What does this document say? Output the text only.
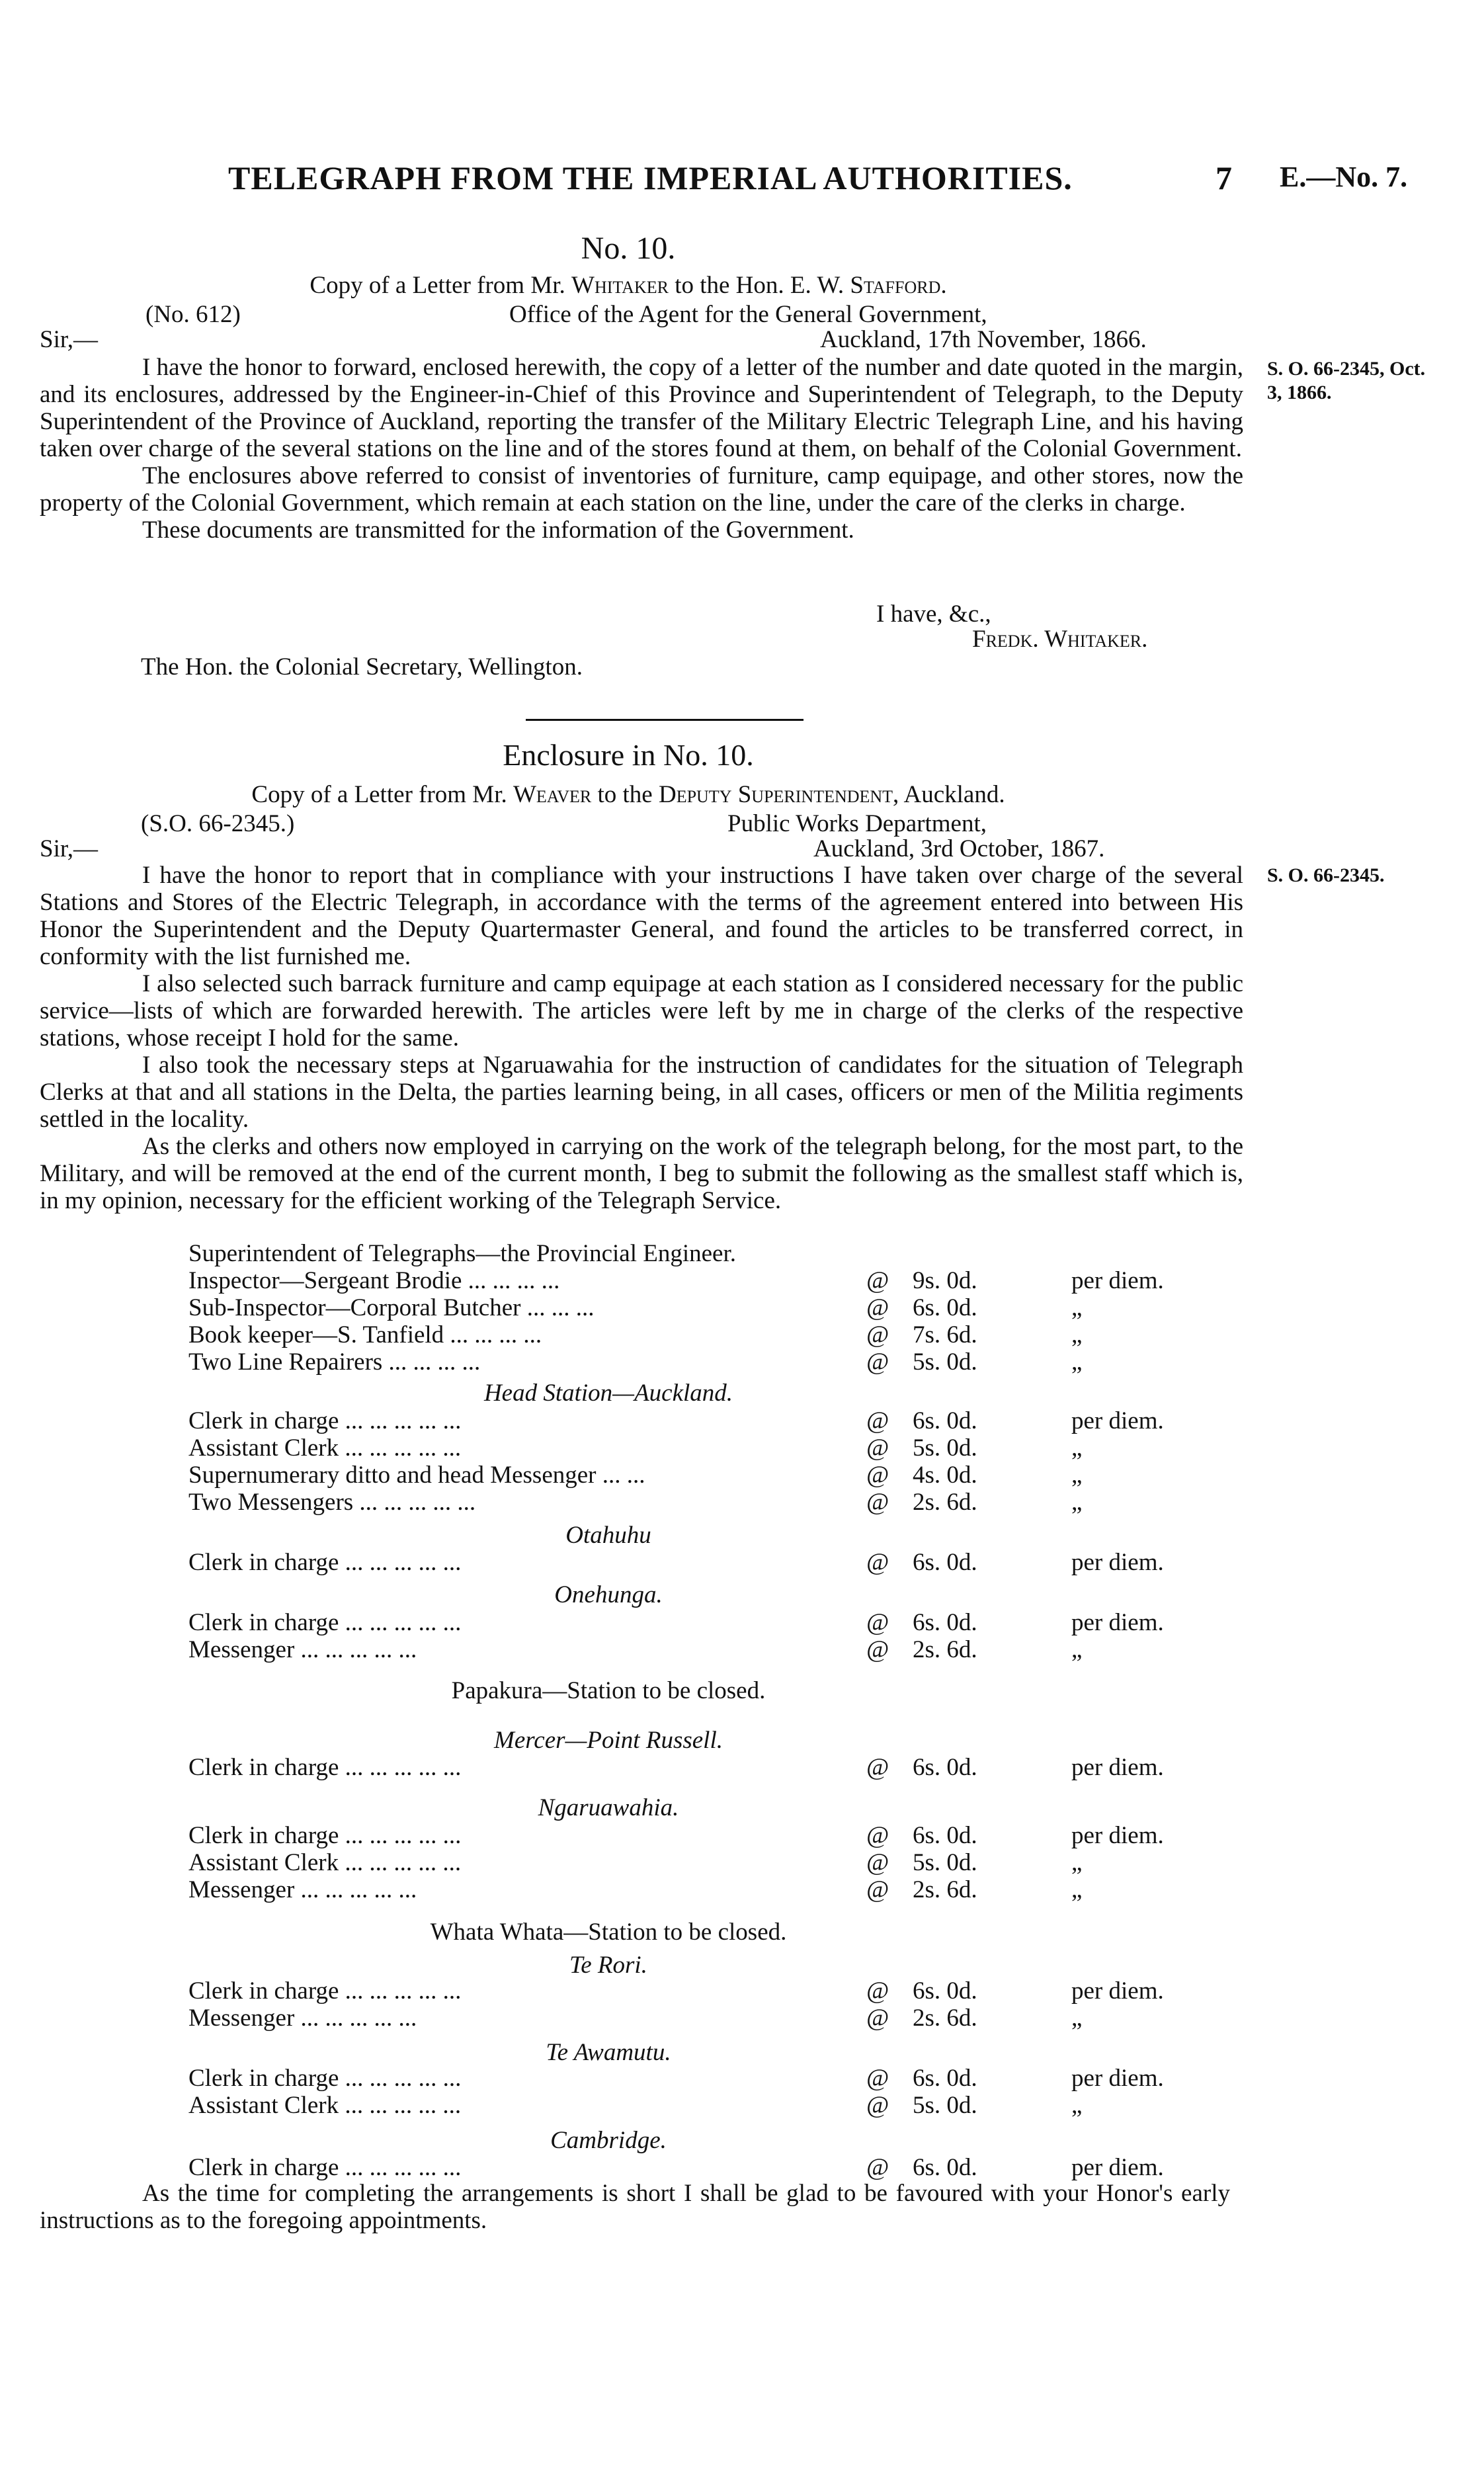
TELEGRAPH FROM THE IMPERIAL AUTHORITIES.	7 E.—No. 7.
No. 10.
Copy of a Letter from Mr. Whitaker to the Hon. E. W. Stafford.
(No. 612)	Office of the Agent for the General Government,
Sir,—	Auckland, 17th November, 1866.

I have the honor to forward, enclosed herewith, the copy of a letter of the number and date quoted in the margin, and its enclosures, addressed by the Engineer-in-Chief of this Province and Superintendent of Telegraph, to the Deputy Superintendent of the Province of Auckland, reporting the transfer of the Military Electric Telegraph Line, and his having taken over charge of the several stations on the line and of the stores found at them, on behalf of the Colonial Government.

The enclosures above referred to consist of inventories of furniture, camp equipage, and other stores, now the property of the Colonial Government, which remain at each station on the line, under the care of the clerks in charge.

These documents are transmitted for the information of the Government.

S. O. 66-2345, Oct. 3, 1866.
I have, &c.,
Fredk. Whitaker.
The Hon. the Colonial Secretary, Wellington.
Enclosure in No. 10.
Copy of a Letter from Mr. Weaver to the Deputy Superintendent, Auckland.
(S.O. 66-2345.)	Public Works Department,
Sir,—	Auckland, 3rd October, 1867.

I have the honor to report that in compliance with your instructions I have taken over charge of the several Stations and Stores of the Electric Telegraph, in accordance with the terms of the agreement entered into between His Honor the Superintendent and the Deputy Quartermaster General, and found the articles to be transferred correct, in conformity with the list furnished me.

I also selected such barrack furniture and camp equipage at each station as I considered necessary for the public service—lists of which are forwarded herewith. The articles were left by me in charge of the clerks of the respective stations, whose receipt I hold for the same.

I also took the necessary steps at Ngaruawahia for the instruction of candidates for the situation of Telegraph Clerks at that and all stations in the Delta, the parties learning being, in all cases, officers or men of the Militia regiments settled in the locality.

As the clerks and others now employed in carrying on the work of the telegraph belong, for the most part, to the Military, and will be removed at the end of the current month, I beg to submit the following as the smallest staff which is, in my opinion, necessary for the efficient working of the Telegraph Service.

S. O. 66-2345.
Superintendent of Telegraphs—the Provincial Engineer.
Inspector—Sergeant Brodie ... ... ... ...	@	9s. 0d.	per diem.
Sub-Inspector—Corporal Butcher ... ... ...	@	6s. 0d.	„
Book keeper—S. Tanfield ... ... ... ...	@	7s. 6d.	„
Two Line Repairers ... ... ... ...	@	5s. 0d.	„
Head Station—Auckland.
Clerk in charge ... ... ... ... ...	@	6s. 0d.	per diem.
Assistant Clerk ... ... ... ... ...	@	5s. 0d.	„
Supernumerary ditto and head Messenger ... ...	@	4s. 0d.	„
Two Messengers ... ... ... ... ...	@	2s. 6d.	„
Otahuhu
Clerk in charge ... ... ... ... ...	@	6s. 0d.	per diem.
Onehunga.
Clerk in charge ... ... ... ... ...	@	6s. 0d.	per diem.
Messenger ... ... ... ... ...	@	2s. 6d.	„
Papakura—Station to be closed.
Mercer—Point Russell.
Clerk in charge ... ... ... ... ...	@	6s. 0d.	per diem.
Ngaruawahia.
Clerk in charge ... ... ... ... ...	@	6s. 0d.	per diem.
Assistant Clerk ... ... ... ... ...	@	5s. 0d.	„
Messenger ... ... ... ... ...	@	2s. 6d.	„
Whata Whata—Station to be closed.
Te Rori.
Clerk in charge ... ... ... ... ...	@	6s. 0d.	per diem.
Messenger ... ... ... ... ...	@	2s. 6d.	„
Te Awamutu.
Clerk in charge ... ... ... ... ...	@	6s. 0d.	per diem.
Assistant Clerk ... ... ... ... ...	@	5s. 0d.	„
Cambridge.
Clerk in charge ... ... ... ... ...	@	6s. 0d.	per diem.

As the time for completing the arrangements is short I shall be glad to be favoured with your Honor's early instructions as to the foregoing appointments.
